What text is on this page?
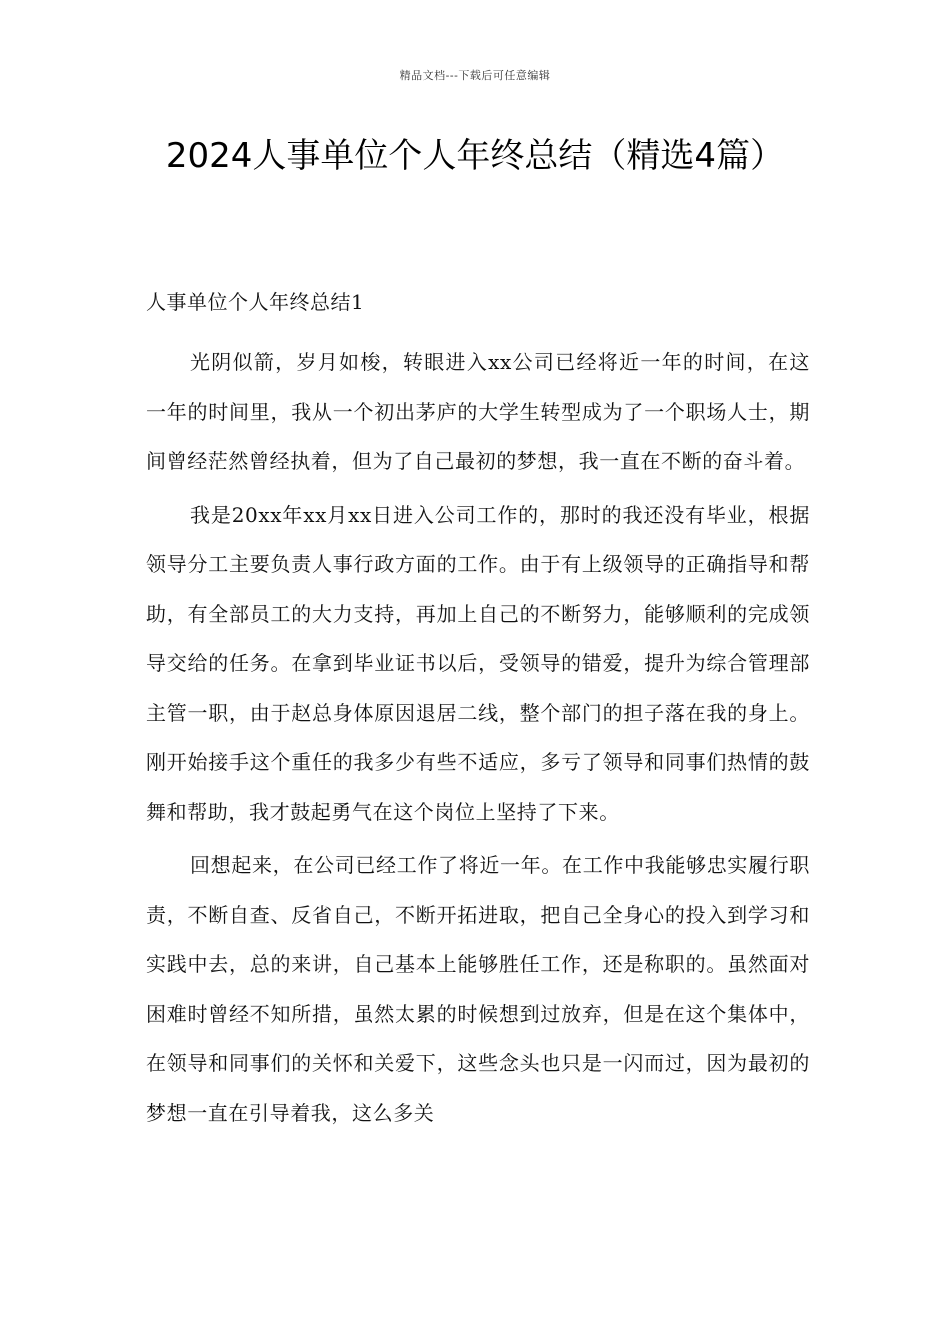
精品文档---下载后可任意编辑
2024人事单位个人年终总结（精选4篇）

人事单位个人年终总结1

光阴似箭，岁月如梭，转眼进入xx公司已经将近一年的时间，在这一年的时间里，我从一个初出茅庐的大学生转型成为了一个职场人士，期间曾经茫然曾经执着，但为了自己最初的梦想，我一直在不断的奋斗着。

我是20xx年xx月xx日进入公司工作的，那时的我还没有毕业，根据领导分工主要负责人事行政方面的工作。由于有上级领导的正确指导和帮助，有全部员工的大力支持，再加上自己的不断努力，能够顺利的完成领导交给的任务。在拿到毕业证书以后，受领导的错爱，提升为综合管理部主管一职，由于赵总身体原因退居二线，整个部门的担子落在我的身上。刚开始接手这个重任的我多少有些不适应，多亏了领导和同事们热情的鼓舞和帮助，我才鼓起勇气在这个岗位上坚持了下来。

回想起来，在公司已经工作了将近一年。在工作中我能够忠实履行职责，不断自查、反省自己，不断开拓进取，把自己全身心的投入到学习和实践中去，总的来讲，自己基本上能够胜任工作，还是称职的。虽然面对困难时曾经不知所措，虽然太累的时候想到过放弃，但是在这个集体中，在领导和同事们的关怀和关爱下，这些念头也只是一闪而过，因为最初的梦想一直在引导着我，这么多关
